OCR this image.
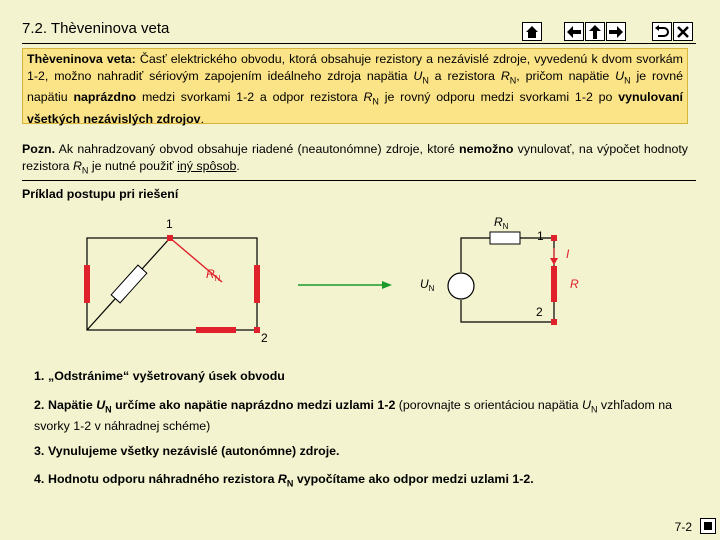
7.2. Thèveninova veta
Thèveninova veta: Časť elektrického obvodu, ktorá obsahuje rezistory a nezávislé zdroje, vyvedenú k dvom svorkám 1-2, možno nahradiť sériovým zapojením ideálneho zdroja napätia $U_N$ a rezistora $R_N$, pričom napätie $U_N$ je rovné napätiu naprázdno medzi svorkami 1-2 a odpor rezistora $R_N$ je rovný odporu medzi svorkami 1-2 po vynulovaní všetkých nezávislých zdrojov.
Pozn. Ak nahradzovaný obvod obsahuje riadené (neautonómne) zdroje, ktoré nemožno vynulovať, na výpočet hodnoty rezistora $R_N$ je nutné použiť iný spôsob.
Príklad postupu pri riešení
1
2
$R_N$
$R_N$
1
I
R
$U_N$
2
1. „Odstránime“ vyšetrovaný úsek obvodu
2. Napätie $U_N$ určíme ako napätie naprázdno medzi uzlami 1-2 (porovnajte s orientáciou napätia $U_N$ vzhľadom na svorky 1-2 v náhradnej schéme)
3. Vynulujeme všetky nezávislé (autonómne) zdroje.
4. Hodnotu odporu náhradného rezistora $R_N$ vypočítame ako odpor medzi uzlami 1-2.
7-2
